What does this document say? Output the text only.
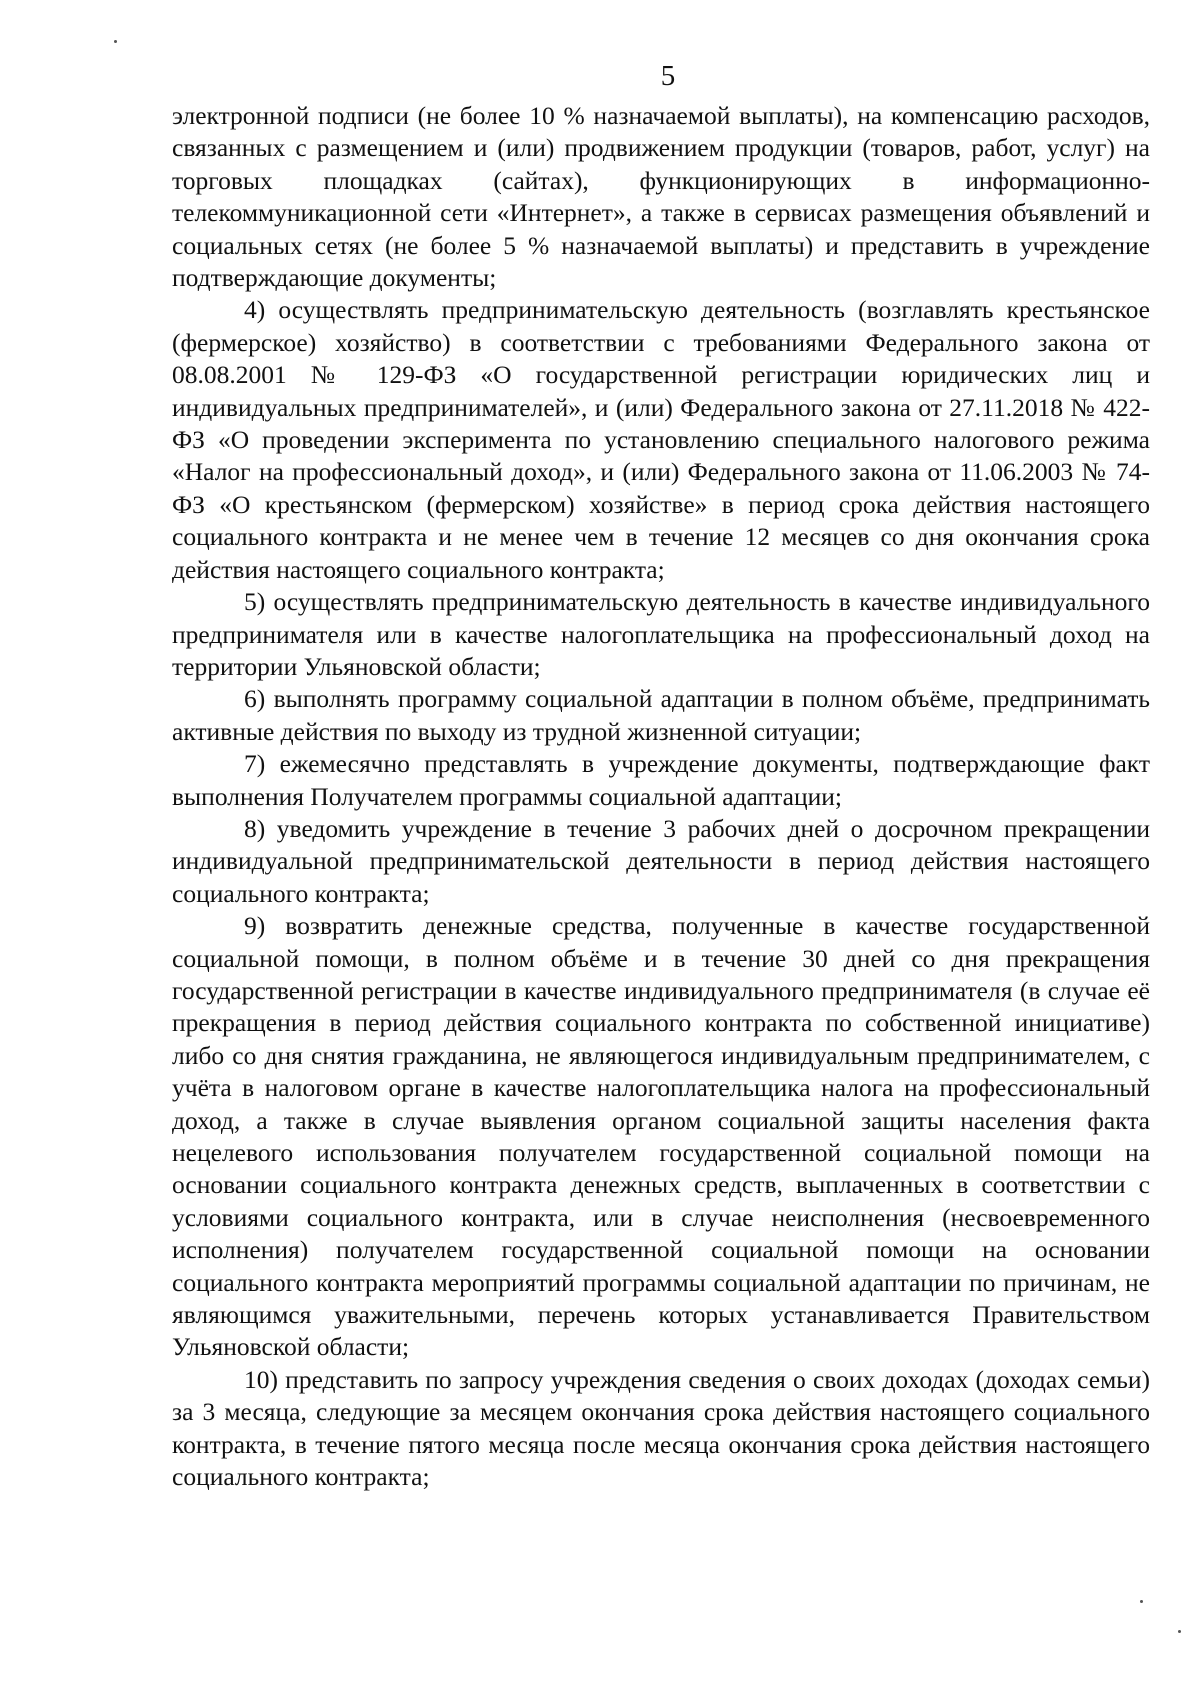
5

электронной подписи (не более 10 % назначаемой выплаты), на компенсацию расходов, связанных с размещением и (или) продвижением продукции (товаров, работ, услуг) на торговых площадках (сайтах), функционирующих в информационно-телекоммуникационной сети «Интернет», а также в сервисах размещения объявлений и социальных сетях (не более 5 % назначаемой выплаты) и представить в учреждение подтверждающие документы;

4) осуществлять предпринимательскую деятельность (возглавлять крестьянское (фермерское) хозяйство) в соответствии с требованиями Федерального закона от 08.08.2001 № 129-ФЗ «О государственной регистрации юридических лиц и индивидуальных предпринимателей», и (или) Федерального закона от 27.11.2018 № 422-ФЗ «О проведении эксперимента по установлению специального налогового режима «Налог на профессиональный доход», и (или) Федерального закона от 11.06.2003 № 74-ФЗ «О крестьянском (фермерском) хозяйстве» в период срока действия настоящего социального контракта и не менее чем в течение 12 месяцев со дня окончания срока действия настоящего социального контракта;

5) осуществлять предпринимательскую деятельность в качестве индивидуального предпринимателя или в качестве налогоплательщика на профессиональный доход на территории Ульяновской области;

6) выполнять программу социальной адаптации в полном объёме, предпринимать активные действия по выходу из трудной жизненной ситуации;

7) ежемесячно представлять в учреждение документы, подтверждающие факт выполнения Получателем программы социальной адаптации;

8) уведомить учреждение в течение 3 рабочих дней о досрочном прекращении индивидуальной предпринимательской деятельности в период действия настоящего социального контракта;

9) возвратить денежные средства, полученные в качестве государственной социальной помощи, в полном объёме и в течение 30 дней со дня прекращения государственной регистрации в качестве индивидуального предпринимателя (в случае её прекращения в период действия социального контракта по собственной инициативе) либо со дня снятия гражданина, не являющегося индивидуальным предпринимателем, с учёта в налоговом органе в качестве налогоплательщика налога на профессиональный доход, а также в случае выявления органом социальной защиты населения факта нецелевого использования получателем государственной социальной помощи на основании социального контракта денежных средств, выплаченных в соответствии с условиями социального контракта, или в случае неисполнения (несвоевременного исполнения) получателем государственной социальной помощи на основании социального контракта мероприятий программы социальной адаптации по причинам, не являющимся уважительными, перечень которых устанавливается Правительством Ульяновской области;

10) представить по запросу учреждения сведения о своих доходах (доходах семьи) за 3 месяца, следующие за месяцем окончания срока действия настоящего социального контракта, в течение пятого месяца после месяца окончания срока действия настоящего социального контракта;
